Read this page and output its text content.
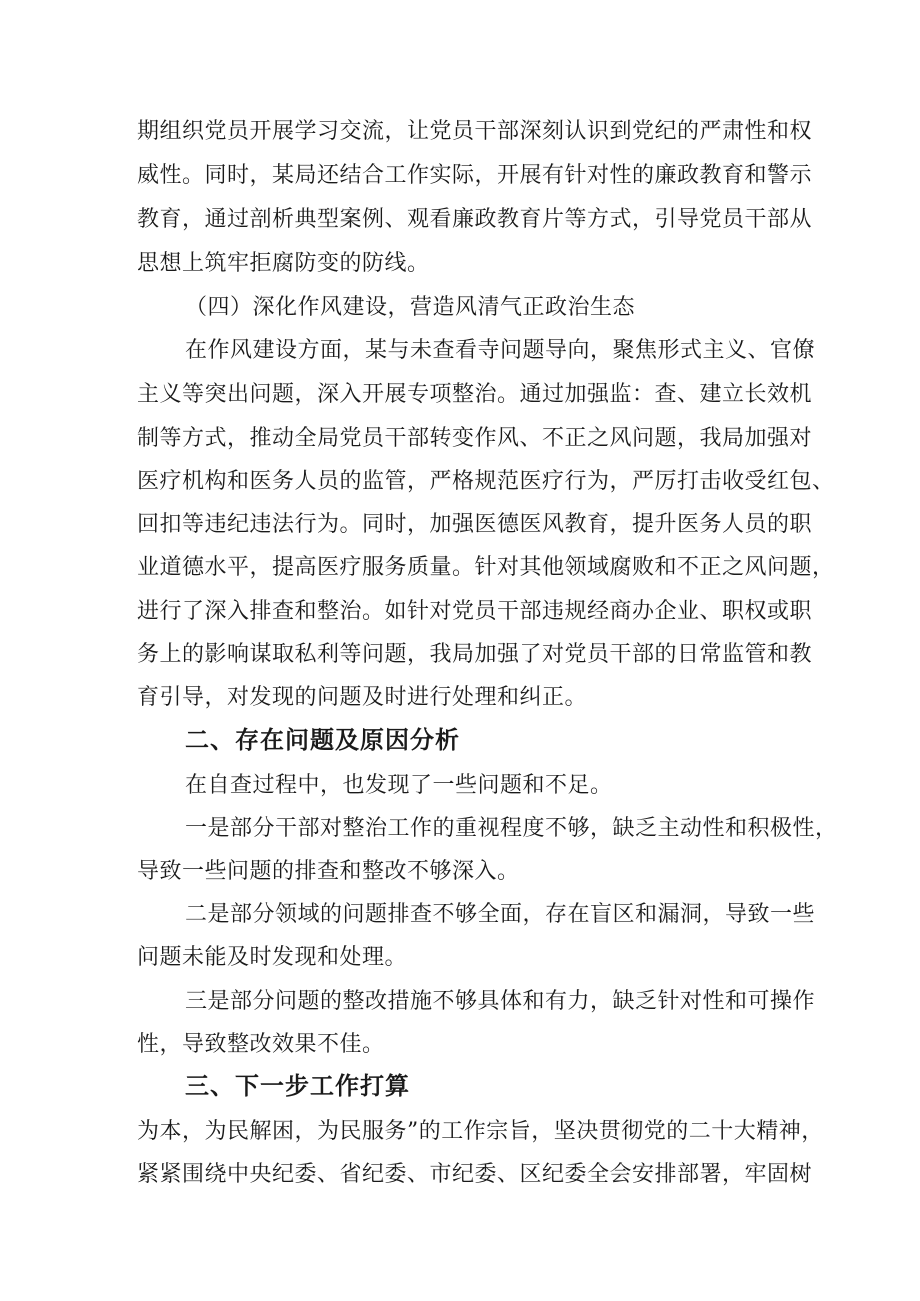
期组织党员开展学习交流，让党员干部深刻认识到党纪的严肃性和权
威性。同时，某局还结合工作实际，开展有针对性的廉政教育和警示
教育，通过剖析典型案例、观看廉政教育片等方式，引导党员干部从
思想上筑牢拒腐防变的防线。
（四）深化作风建设，营造风清气正政治生态
在作风建设方面，某与未查看寺问题导向，聚焦形式主义、官僚
主义等突出问题，深入开展专项整治。通过加强监：查、建立长效机
制等方式，推动全局党员干部转变作风、不正之风问题，我局加强对
医疗机构和医务人员的监管，严格规范医疗行为，严厉打击收受红包、
回扣等违纪违法行为。同时，加强医德医风教育，提升医务人员的职
业道德水平，提高医疗服务质量。针对其他领域腐败和不正之风问题，
进行了深入排查和整治。如针对党员干部违规经商办企业、职权或职
务上的影响谋取私利等问题，我局加强了对党员干部的日常监管和教
育引导，对发现的问题及时进行处理和纠正。
二、存在问题及原因分析
在自查过程中，也发现了一些问题和不足。
一是部分干部对整治工作的重视程度不够，缺乏主动性和积极性，
导致一些问题的排查和整改不够深入。
二是部分领域的问题排查不够全面，存在盲区和漏洞，导致一些
问题未能及时发现和处理。
三是部分问题的整改措施不够具体和有力，缺乏针对性和可操作
性，导致整改效果不佳。
三、下一步工作打算
为本，为民解困，为民服务”的工作宗旨，坚决贯彻党的二十大精神，
紧紧围绕中央纪委、省纪委、市纪委、区纪委全会安排部署，牢固树
